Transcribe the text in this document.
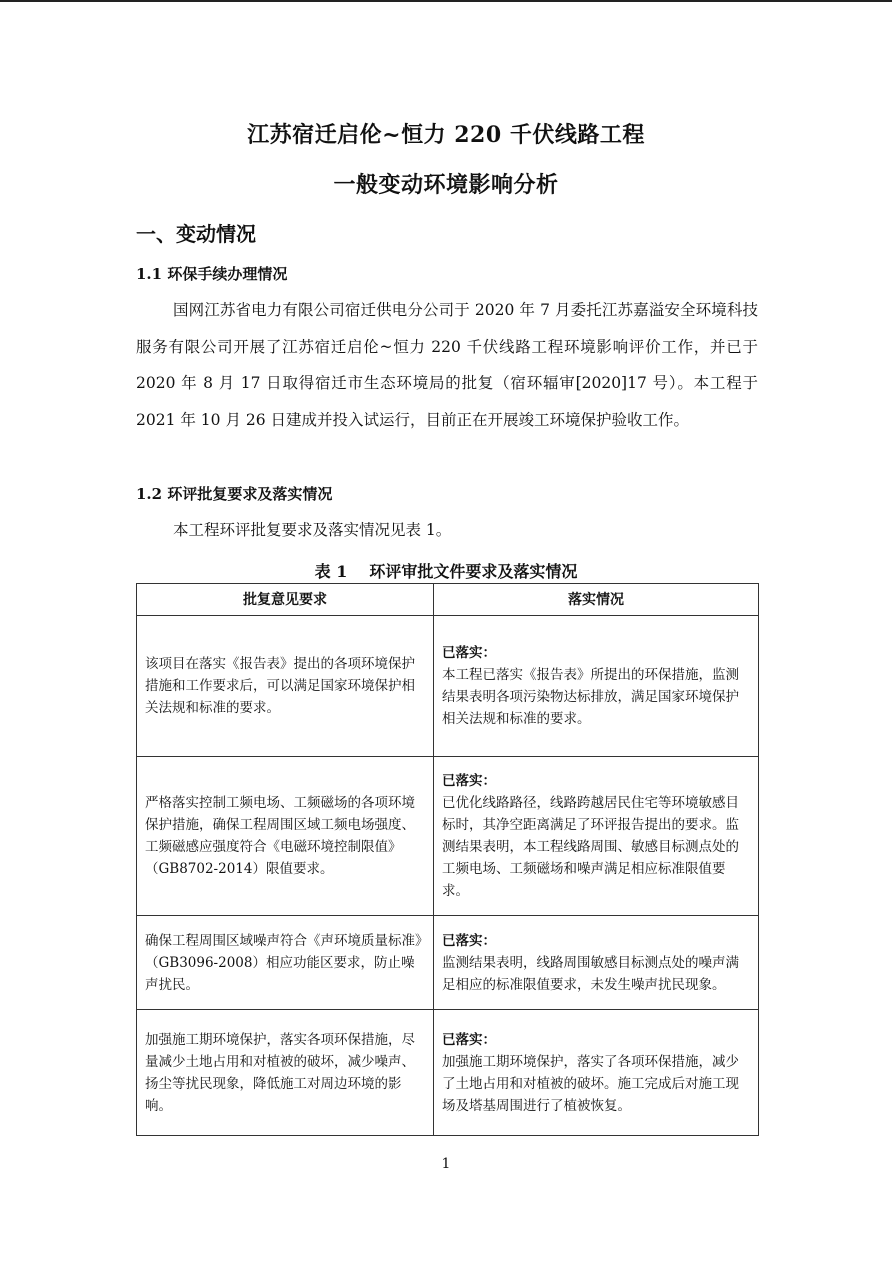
江苏宿迁启伦~恒力 220 千伏线路工程
一般变动环境影响分析
一、变动情况
1.1 环保手续办理情况

国网江苏省电力有限公司宿迁供电分公司于 2020 年 7 月委托江苏嘉溢安全环境科技服务有限公司开展了江苏宿迁启伦~恒力 220 千伏线路工程环境影响评价工作，并已于 2020 年 8 月 17 日取得宿迁市生态环境局的批复（宿环辐审[2020]17 号）。本工程于 2021 年 10 月 26 日建成并投入试运行，目前正在开展竣工环境保护验收工作。

1.2 环评批复要求及落实情况

本工程环评批复要求及落实情况见表 1。

表 1 环评审批文件要求及落实情况
批复意见要求	落实情况

该项目在落实《报告表》提出的各项环境保护措施和工作要求后，可以满足国家环境保护相关法规和标准的要求。	已落实：
本工程已落实《报告表》所提出的环保措施，监测结果表明各项污染物达标排放，满足国家环境保护相关法规和标准的要求。

严格落实控制工频电场、工频磁场的各项环境保护措施，确保工程周围区域工频电场强度、工频磁感应强度符合《电磁环境控制限值》（GB8702-2014）限值要求。	已落实：
已优化线路路径，线路跨越居民住宅等环境敏感目标时，其净空距离满足了环评报告提出的要求。监测结果表明，本工程线路周围、敏感目标测点处的工频电场、工频磁场和噪声满足相应标准限值要求。

确保工程周围区域噪声符合《声环境质量标准》（GB3096-2008）相应功能区要求，防止噪声扰民。	已落实：
监测结果表明，线路周围敏感目标测点处的噪声满足相应的标准限值要求，未发生噪声扰民现象。

加强施工期环境保护，落实各项环保措施，尽量减少土地占用和对植被的破坏，减少噪声、扬尘等扰民现象，降低施工对周边环境的影响。	已落实：
加强施工期环境保护，落实了各项环保措施，减少了土地占用和对植被的破坏。施工完成后对施工现场及塔基周围进行了植被恢复。
1
